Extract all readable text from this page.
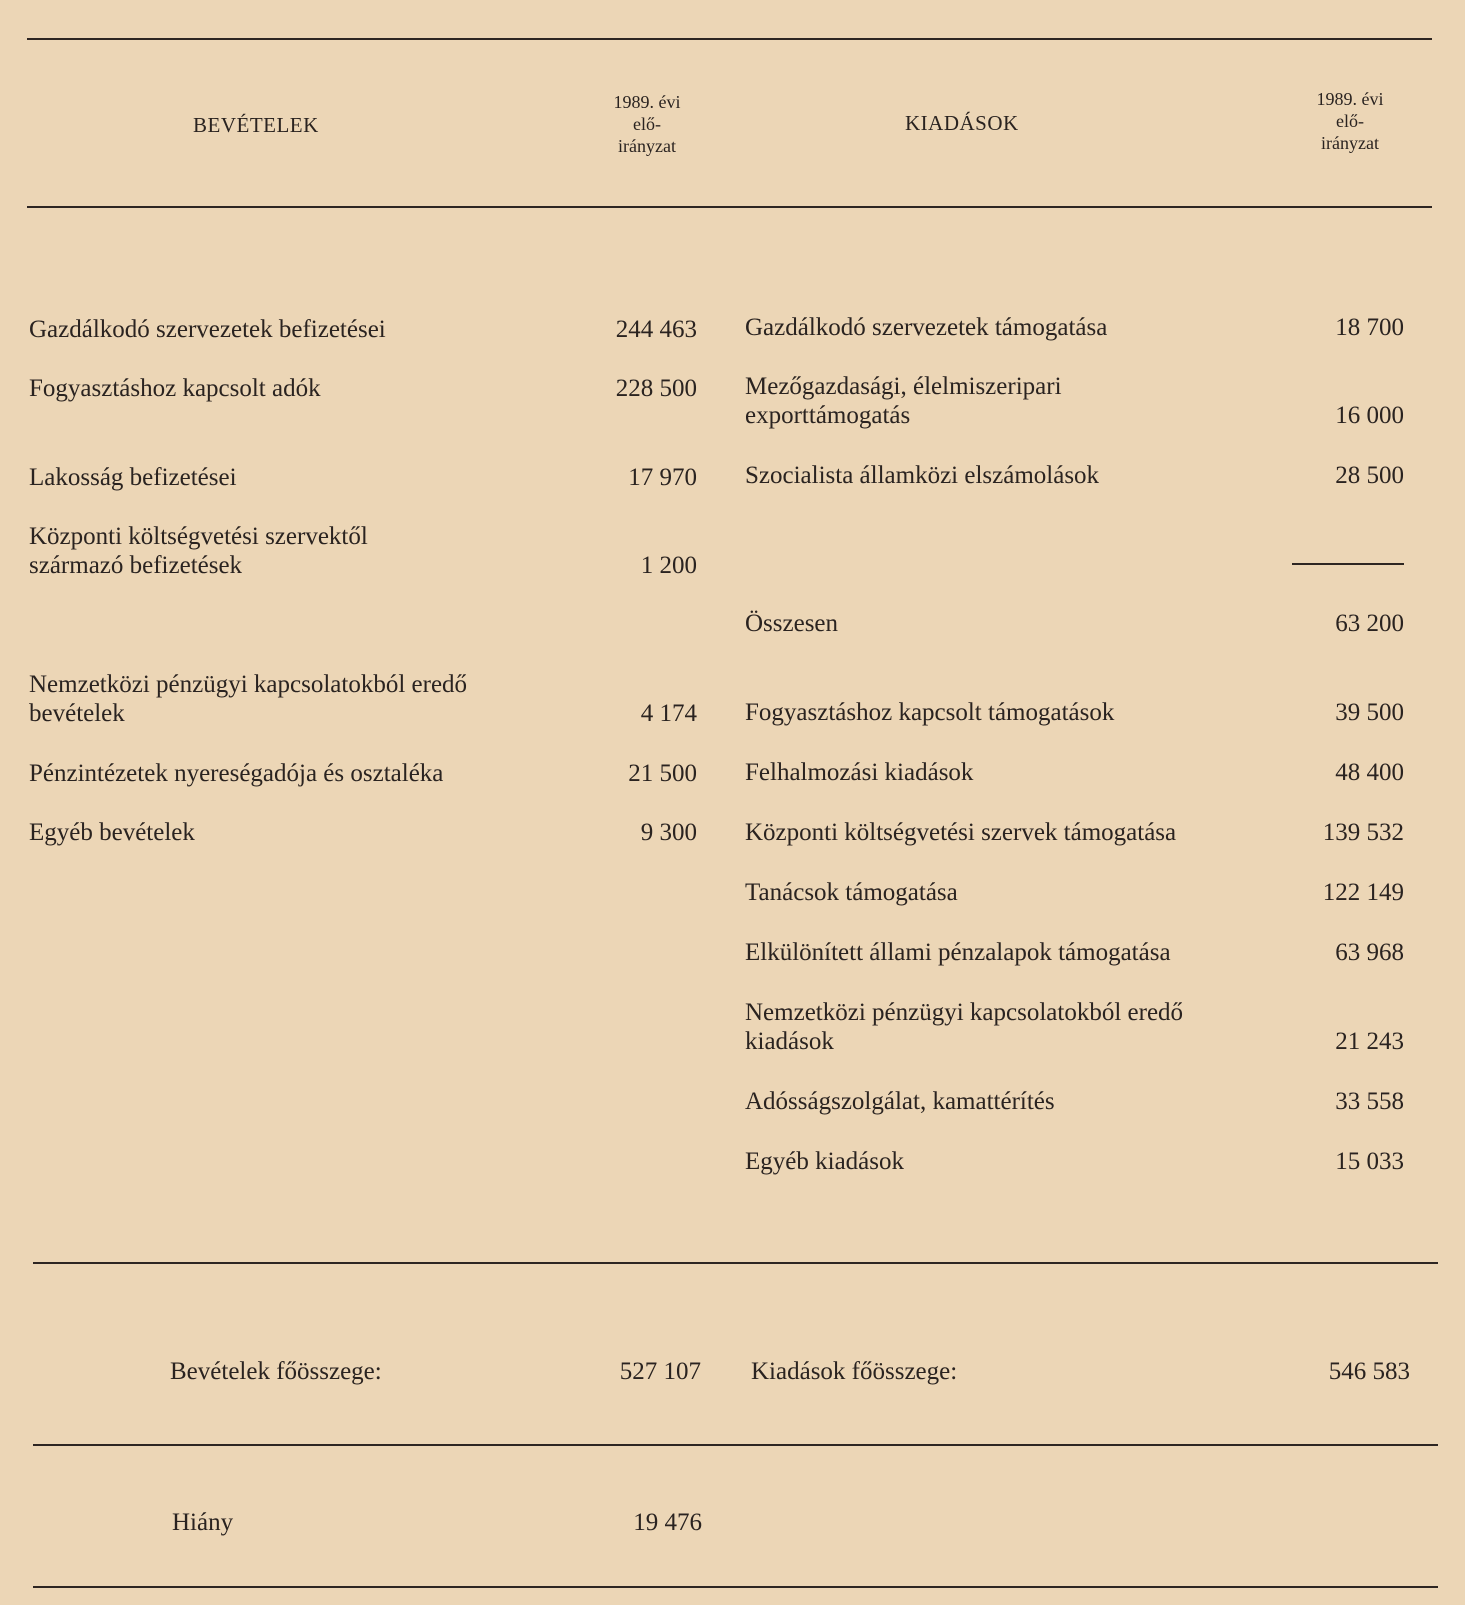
BEVÉTELEK
1989. évi
elő-
irányzat
KIADÁSOK
1989. évi
elő-
irányzat
Gazdálkodó szervezetek befizetései	244 463
Fogyasztáshoz kapcsolt adók	228 500
Lakosság befizetései	17 970
Központi költségvetési szervektől
származó befizetések	1 200
Nemzetközi pénzügyi kapcsolatokból eredő
bevételek	4 174
Pénzintézetek nyereségadója és osztaléka	21 500
Egyéb bevételek	9 300
Gazdálkodó szervezetek támogatása	18 700
Mezőgazdasági, élelmiszeripari
exporttámogatás	16 000
Szocialista államközi elszámolások	28 500
Összesen	63 200
Fogyasztáshoz kapcsolt támogatások	39 500
Felhalmozási kiadások	48 400
Központi költségvetési szervek támogatása	139 532
Tanácsok támogatása	122 149
Elkülönített állami pénzalapok támogatása	63 968
Nemzetközi pénzügyi kapcsolatokból eredő
kiadások	21 243
Adósságszolgálat, kamattérítés	33 558
Egyéb kiadások	15 033
Bevételek főösszege:	527 107 Kiadások főösszege:	546 583
Hiány	19 476
